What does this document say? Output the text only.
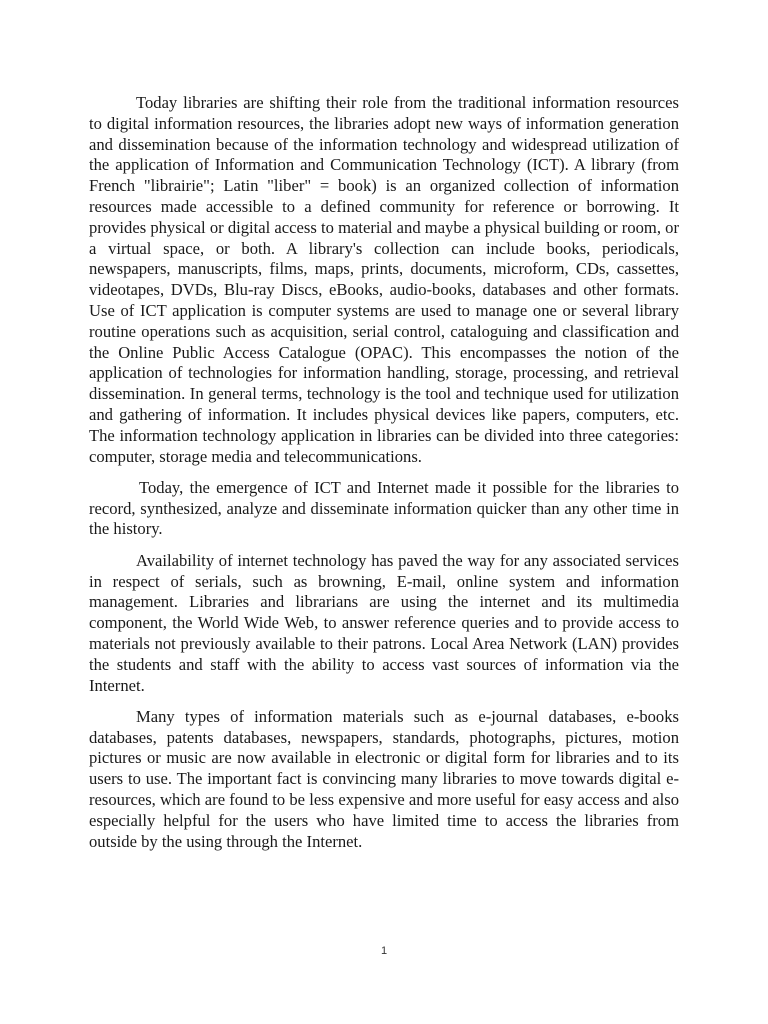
Today libraries are shifting their role from the traditional information resources to digital information resources, the libraries adopt new ways of information generation and dissemination because of the information technology and widespread utilization of the application of Information and Communication Technology (ICT). A library (from French "librairie"; Latin "liber" = book) is an organized collection of information resources made accessible to a defined community for reference or borrowing. It provides physical or digital access to material and maybe a physical building or room, or a virtual space, or both. A library's collection can include books, periodicals, newspapers, manuscripts, films, maps, prints, documents, microform, CDs, cassettes, videotapes, DVDs, Blu-ray Discs, eBooks, audio-books, databases and other formats. Use of ICT application is computer systems are used to manage one or several library routine operations such as acquisition, serial control, cataloguing and classification and the Online Public Access Catalogue (OPAC). This encompasses the notion of the application of technologies for information handling, storage, processing, and retrieval dissemination. In general terms, technology is the tool and technique used for utilization and gathering of information. It includes physical devices like papers, computers, etc. The information technology application in libraries can be divided into three categories: computer, storage media and telecommunications.

Today, the emergence of ICT and Internet made it possible for the libraries to record, synthesized, analyze and disseminate information quicker than any other time in the history.

Availability of internet technology has paved the way for any associated services in respect of serials, such as browning, E-mail, online system and information management. Libraries and librarians are using the internet and its multimedia component, the World Wide Web, to answer reference queries and to provide access to materials not previously available to their patrons. Local Area Network (LAN) provides the students and staff with the ability to access vast sources of information via the Internet.

Many types of information materials such as e-journal databases, e-books databases, patents databases, newspapers, standards, photographs, pictures, motion pictures or music are now available in electronic or digital form for libraries and to its users to use. The important fact is convincing many libraries to move towards digital e-resources, which are found to be less expensive and more useful for easy access and also especially helpful for the users who have limited time to access the libraries from outside by the using through the Internet.

1
